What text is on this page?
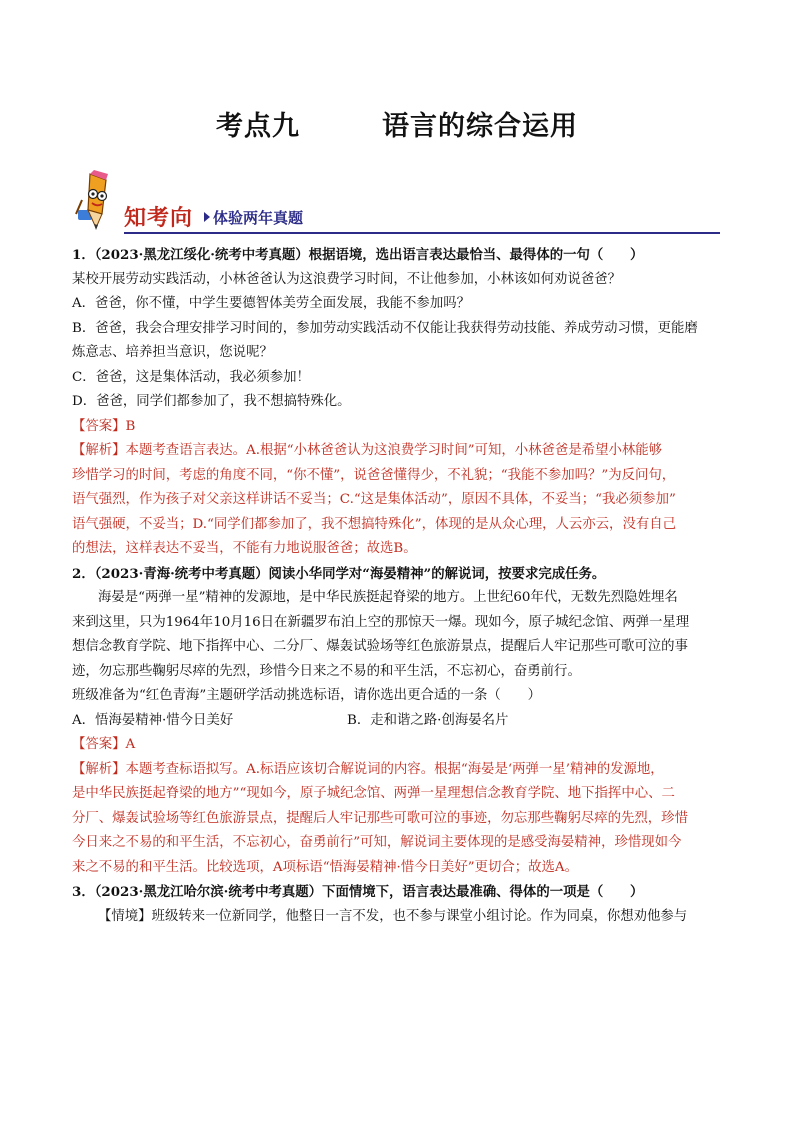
考点九	语言的综合运用
知考向 体验两年真题
1．（2023·黑龙江绥化·统考中考真题）根据语境，选出语言表达最恰当、最得体的一句（　　）
某校开展劳动实践活动，小林爸爸认为这浪费学习时间，不让他参加，小林该如何劝说爸爸？
A．爸爸，你不懂，中学生要德智体美劳全面发展，我能不参加吗？
B．爸爸，我会合理安排学习时间的，参加劳动实践活动不仅能让我获得劳动技能、养成劳动习惯，更能磨
炼意志、培养担当意识，您说呢？
C．爸爸，这是集体活动，我必须参加！
D．爸爸，同学们都参加了，我不想搞特殊化。
【答案】B
【解析】本题考查语言表达。A.根据“小林爸爸认为这浪费学习时间”可知，小林爸爸是希望小林能够
珍惜学习的时间，考虑的角度不同，“你不懂”，说爸爸懂得少，不礼貌；“我能不参加吗？”为反问句，
语气强烈，作为孩子对父亲这样讲话不妥当；C.“这是集体活动”，原因不具体，不妥当；“我必须参加”
语气强硬，不妥当；D.“同学们都参加了，我不想搞特殊化”，体现的是从众心理，人云亦云，没有自己
的想法，这样表达不妥当，不能有力地说服爸爸；故选B。
2．（2023·青海·统考中考真题）阅读小华同学对“海晏精神”的解说词，按要求完成任务。
海晏是“两弹一星”精神的发源地，是中华民族挺起脊梁的地方。上世纪60年代，无数先烈隐姓埋名
来到这里，只为1964年10月16日在新疆罗布泊上空的那惊天一爆。现如今，原子城纪念馆、两弹一星理
想信念教育学院、地下指挥中心、二分厂、爆轰试验场等红色旅游景点，提醒后人牢记那些可歌可泣的事
迹，勿忘那些鞠躬尽瘁的先烈，珍惜今日来之不易的和平生活，不忘初心，奋勇前行。
班级准备为“红色青海”主题研学活动挑选标语，请你选出更合适的一条（　　）
A．悟海晏精神·惜今日美好	B．走和谐之路·创海晏名片
【答案】A
【解析】本题考查标语拟写。A.标语应该切合解说词的内容。根据“海晏是‘两弹一星’精神的发源地，
是中华民族挺起脊梁的地方”“现如今，原子城纪念馆、两弹一星理想信念教育学院、地下指挥中心、二
分厂、爆轰试验场等红色旅游景点，提醒后人牢记那些可歌可泣的事迹，勿忘那些鞠躬尽瘁的先烈，珍惜
今日来之不易的和平生活，不忘初心，奋勇前行”可知，解说词主要体现的是感受海晏精神，珍惜现如今
来之不易的和平生活。比较选项，A项标语“悟海晏精神·惜今日美好”更切合；故选A。
3．（2023·黑龙江哈尔滨·统考中考真题）下面情境下，语言表达最准确、得体的一项是（　　）
【情境】班级转来一位新同学，他整日一言不发，也不参与课堂小组讨论。作为同桌，你想劝他参与
